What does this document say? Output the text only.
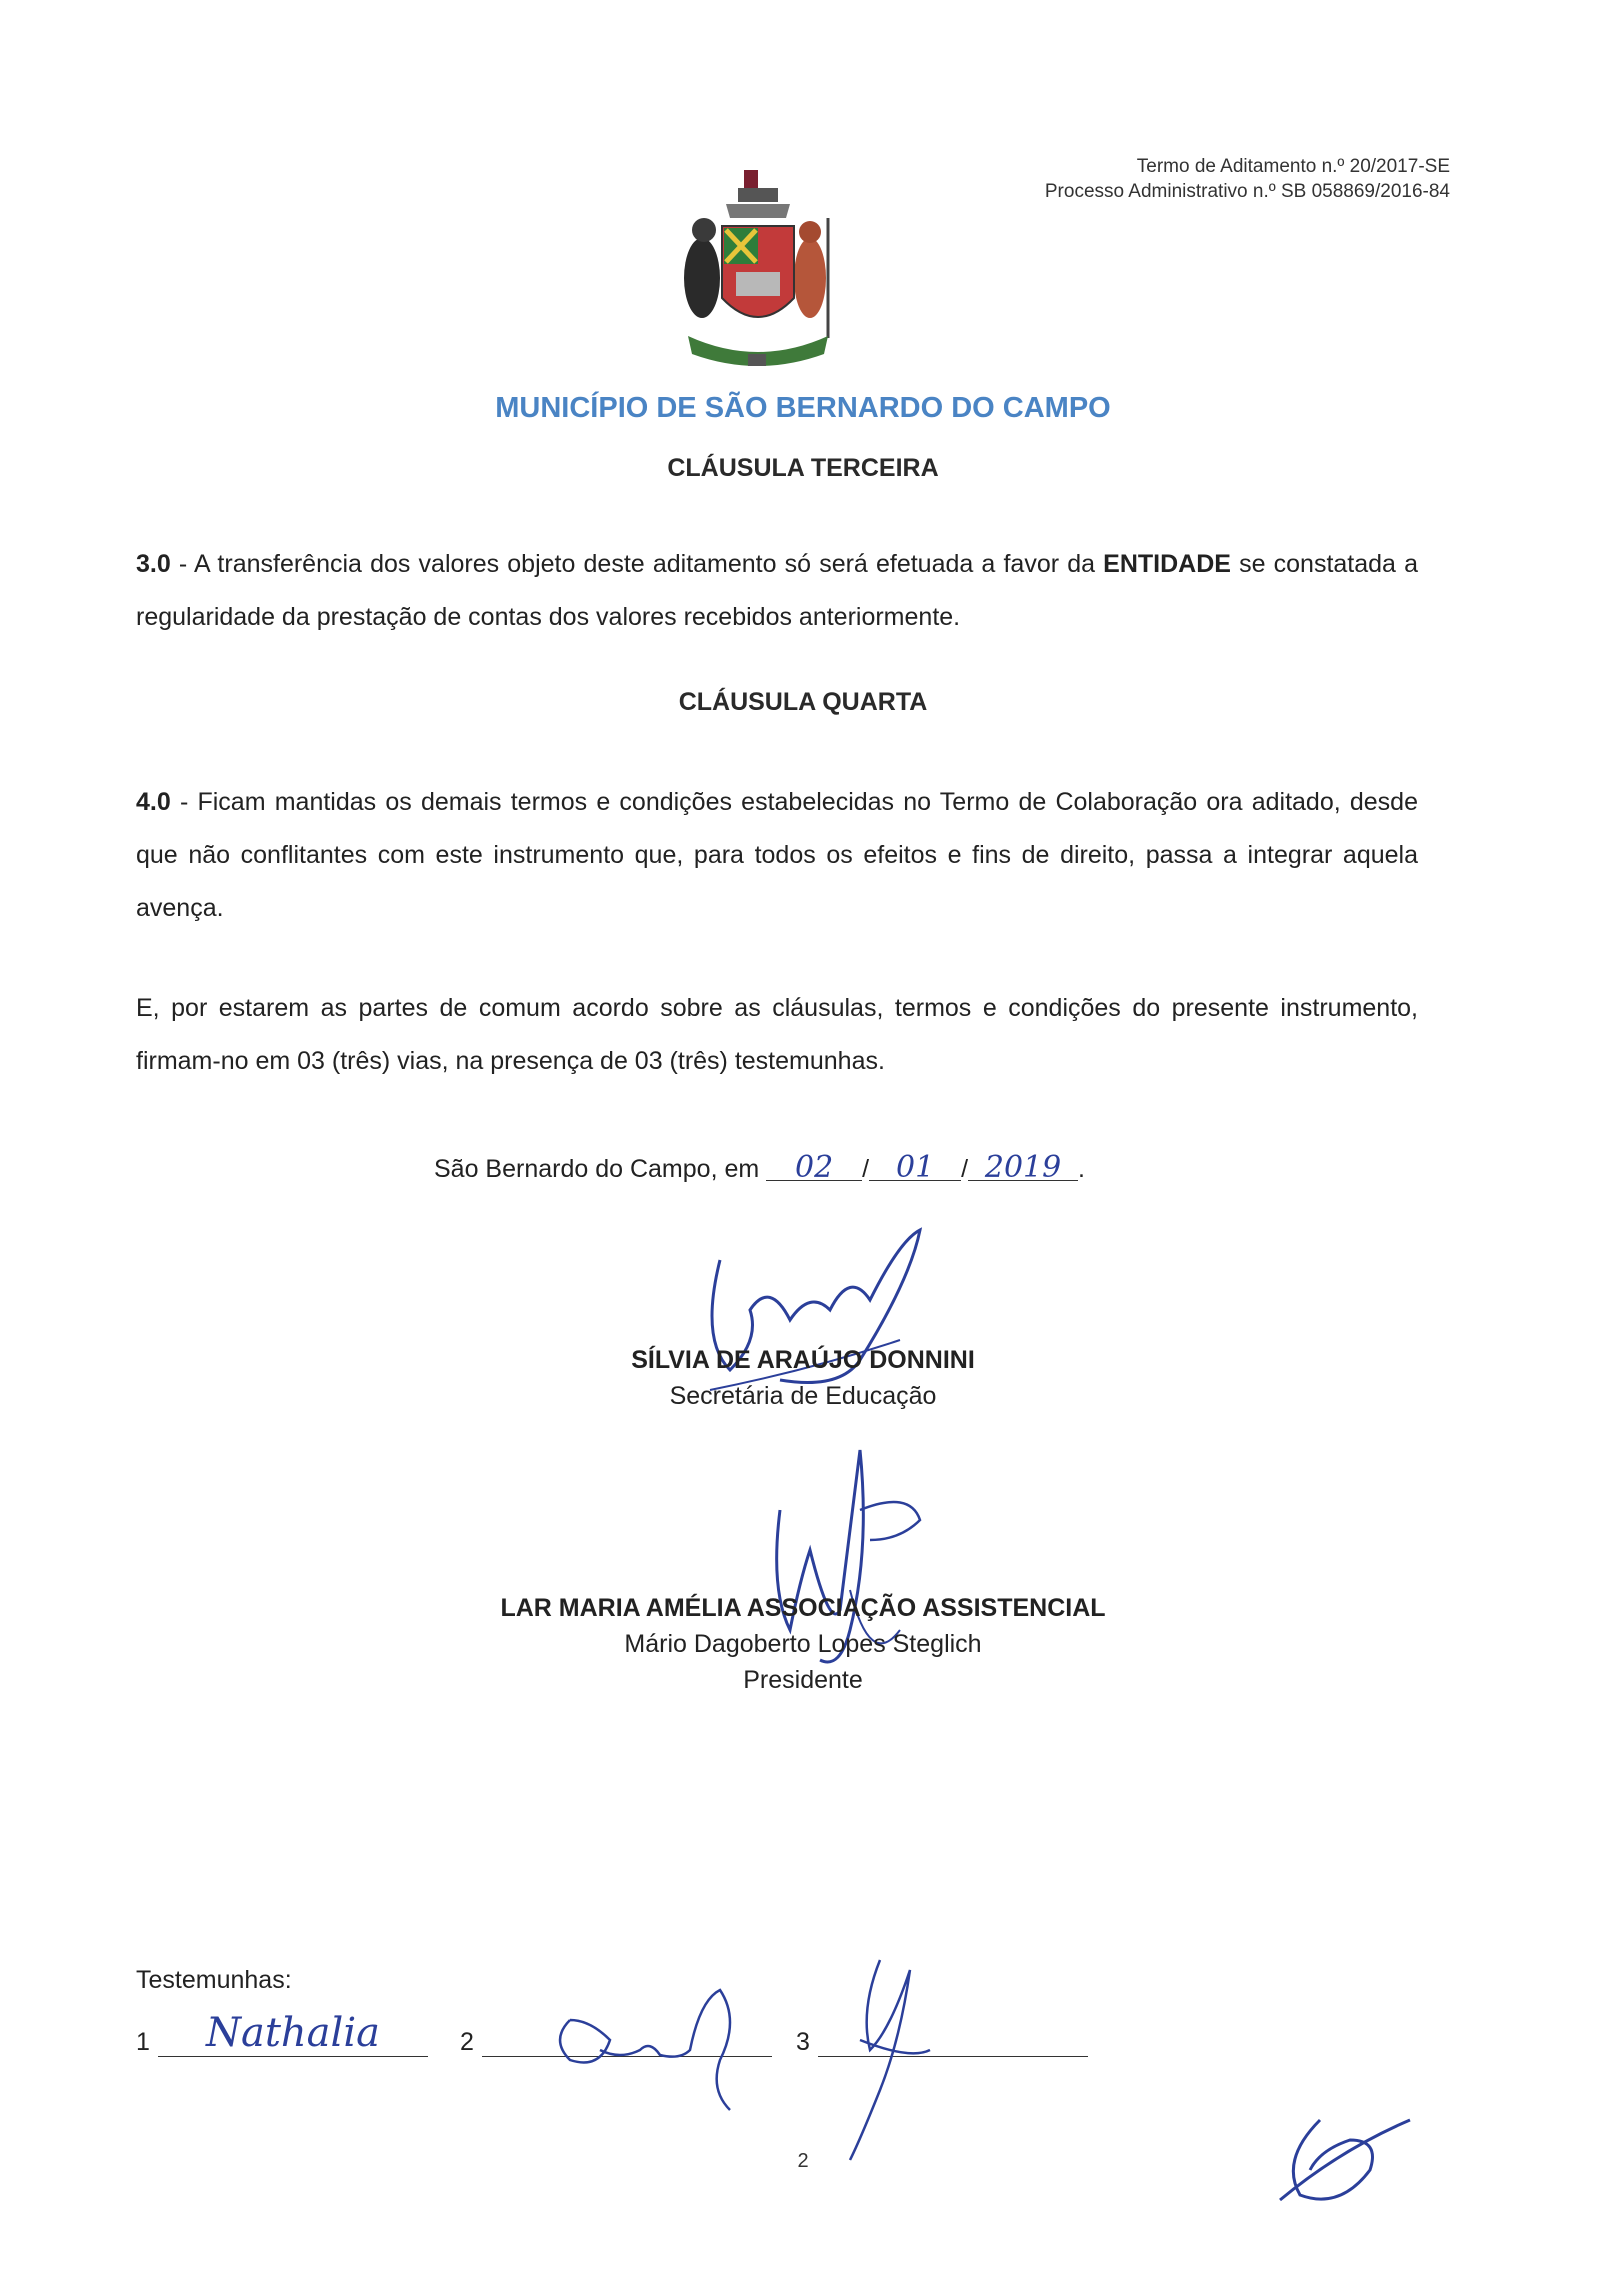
Termo de Aditamento n.º 20/2017-SE
Processo Administrativo n.º SB 058869/2016-84
MUNICÍPIO DE SÃO BERNARDO DO CAMPO
CLÁUSULA TERCEIRA
3.0 - A transferência dos valores objeto deste aditamento só será efetuada a favor da ENTIDADE se constatada a regularidade da prestação de contas dos valores recebidos anteriormente.
CLÁUSULA QUARTA
4.0 - Ficam mantidas os demais termos e condições estabelecidas no Termo de Colaboração ora aditado, desde que não conflitantes com este instrumento que, para todos os efeitos e fins de direito, passa a integrar aquela avença.
E, por estarem as partes de comum acordo sobre as cláusulas, termos e condições do presente instrumento, firmam-no em 03 (três) vias, na presença de 03 (três) testemunhas.
São Bernardo do Campo, em 02 / 01 / 2019 .
SÍLVIA DE ARAÚJO DONNINI
Secretária de Educação
LAR MARIA AMÉLIA ASSOCIAÇÃO ASSISTENCIAL
Mário Dagoberto Lopes Steglich
Presidente
Testemunhas:
1 Nathalia	2	3
2
